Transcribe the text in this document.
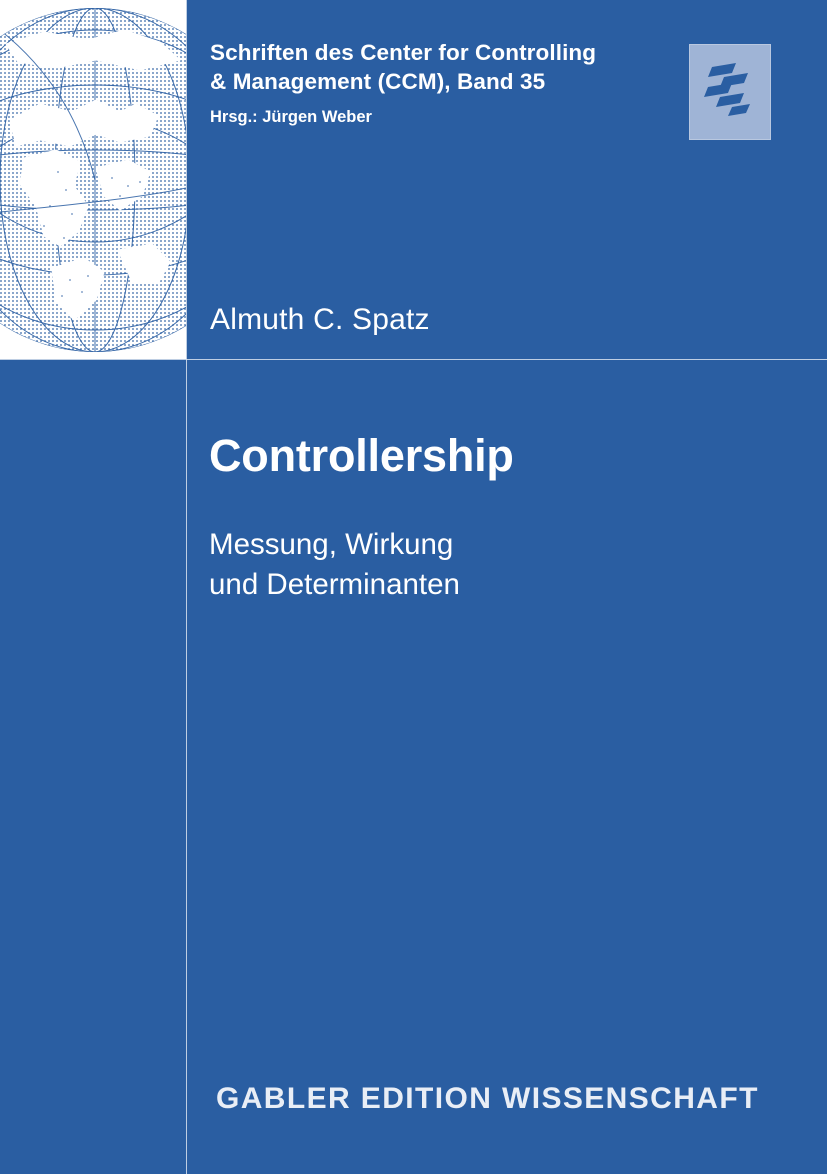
Schriften des Center for Controlling
& Management (CCM), Band 35
Hrsg.: Jürgen Weber
Almuth C. Spatz
Controllership
Messung, Wirkung
und Determinanten
GABLER EDITION WISSENSCHAFT
